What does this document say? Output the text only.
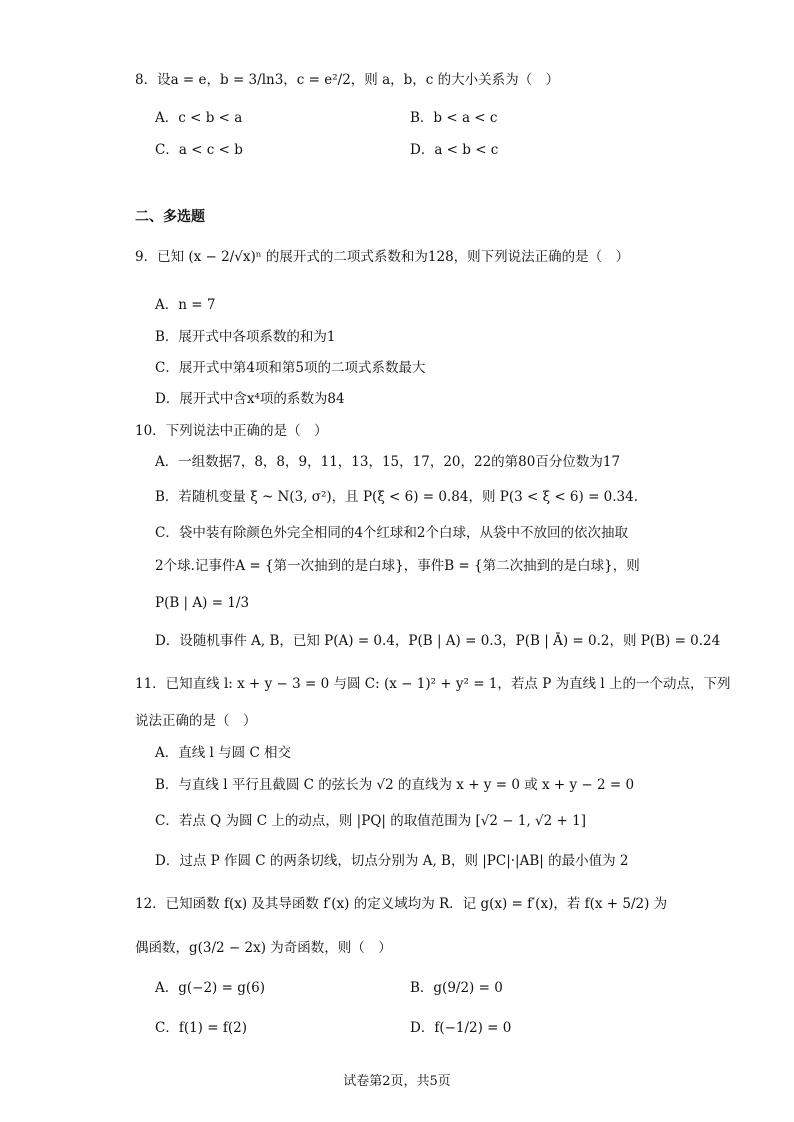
8．设a = e，b = 3/ln3，c = e²/2，则 a，b，c 的大小关系为（　）
A．c < b < a	B．b < a < c
C．a < c < b	D．a < b < c
二、多选题
9．已知 (x − 2/√x)ⁿ 的展开式的二项式系数和为128，则下列说法正确的是（　）
A．n = 7
B．展开式中各项系数的和为1
C．展开式中第4项和第5项的二项式系数最大
D．展开式中含x⁴项的系数为84
10．下列说法中正确的是（　）
A．一组数据7，8，8，9，11，13，15，17，20，22的第80百分位数为17
B．若随机变量 ξ ~ N(3, σ²)，且 P(ξ < 6) = 0.84，则 P(3 < ξ < 6) = 0.34.
C．袋中装有除颜色外完全相同的4个红球和2个白球，从袋中不放回的依次抽取
2个球.记事件A = {第一次抽到的是白球}，事件B = {第二次抽到的是白球}，则
P(B | A) = 1/3
D．设随机事件 A, B，已知 P(A) = 0.4，P(B | A) = 0.3，P(B | Ā) = 0.2，则 P(B) = 0.24
11．已知直线 l: x + y − 3 = 0 与圆 C: (x − 1)² + y² = 1，若点 P 为直线 l 上的一个动点，下列
说法正确的是（　）
A．直线 l 与圆 C 相交
B．与直线 l 平行且截圆 C 的弦长为 √2 的直线为 x + y = 0 或 x + y − 2 = 0
C．若点 Q 为圆 C 上的动点，则 |PQ| 的取值范围为 [√2 − 1, √2 + 1]
D．过点 P 作圆 C 的两条切线，切点分别为 A, B，则 |PC|·|AB| 的最小值为 2
12．已知函数 f(x) 及其导函数 f′(x) 的定义域均为 R．记 g(x) = f′(x)，若 f(x + 5/2) 为
偶函数，g(3/2 − 2x) 为奇函数，则（　）
A．g(−2) = g(6)	B．g(9/2) = 0
C．f(1) = f(2)	D．f(−1/2) = 0
试卷第2页，共5页
